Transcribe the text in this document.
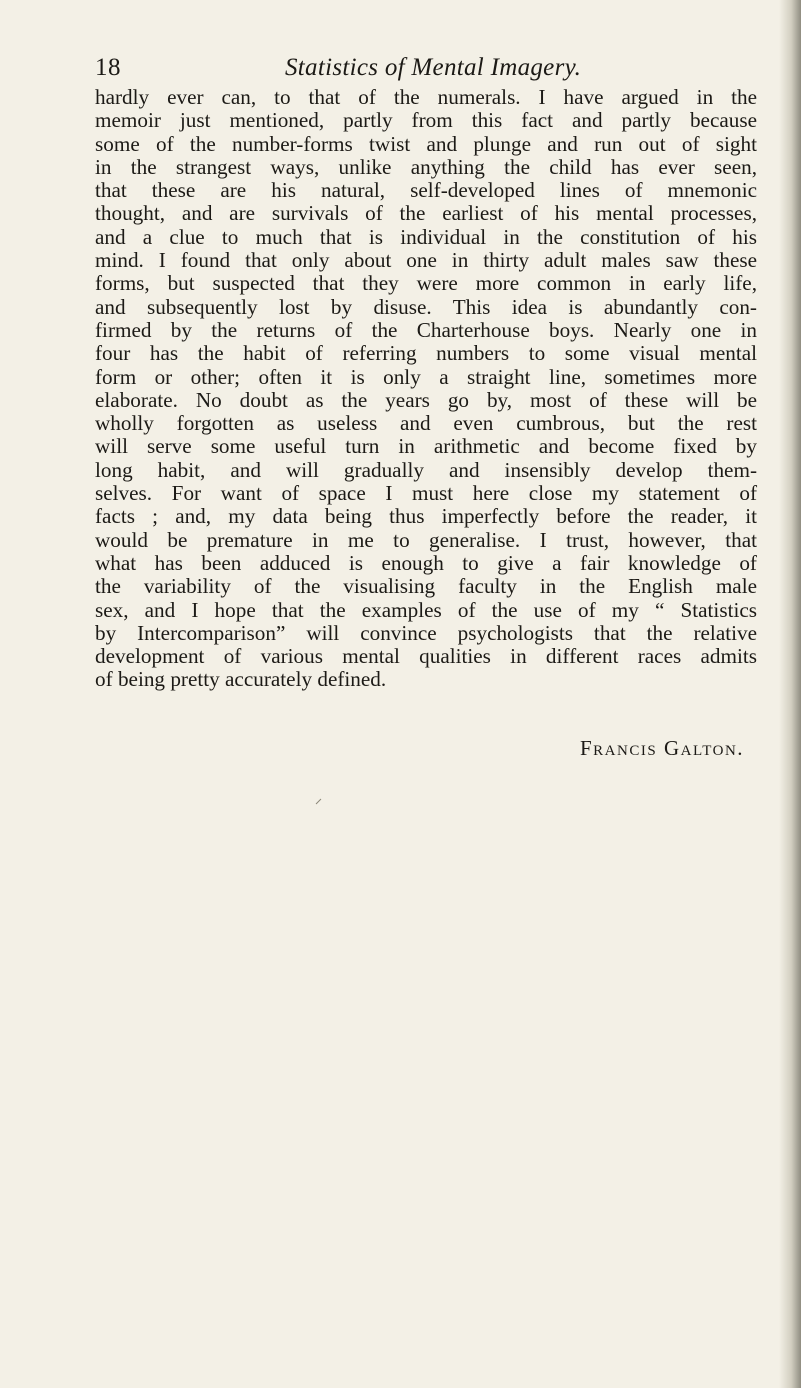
18	Statistics of Mental Imagery.
hardly ever can, to that of the numerals. I have argued in the
memoir just mentioned, partly from this fact and partly because
some of the number-forms twist and plunge and run out of sight
in the strangest ways, unlike anything the child has ever seen,
that these are his natural, self-developed lines of mnemonic
thought, and are survivals of the earliest of his mental processes,
and a clue to much that is individual in the constitution of his
mind. I found that only about one in thirty adult males saw these
forms, but suspected that they were more common in early life,
and subsequently lost by disuse. This idea is abundantly con-
firmed by the returns of the Charterhouse boys. Nearly one in
four has the habit of referring numbers to some visual mental
form or other; often it is only a straight line, sometimes more
elaborate. No doubt as the years go by, most of these will be
wholly forgotten as useless and even cumbrous, but the rest
will serve some useful turn in arithmetic and become fixed by
long habit, and will gradually and insensibly develop them-
selves. For want of space I must here close my statement of
facts ; and, my data being thus imperfectly before the reader, it
would be premature in me to generalise. I trust, however, that
what has been adduced is enough to give a fair knowledge of
the variability of the visualising faculty in the English male
sex, and I hope that the examples of the use of my “ Statistics
by Intercomparison” will convince psychologists that the relative
development of various mental qualities in different races admits
of being pretty accurately defined.
Francis Galton.
